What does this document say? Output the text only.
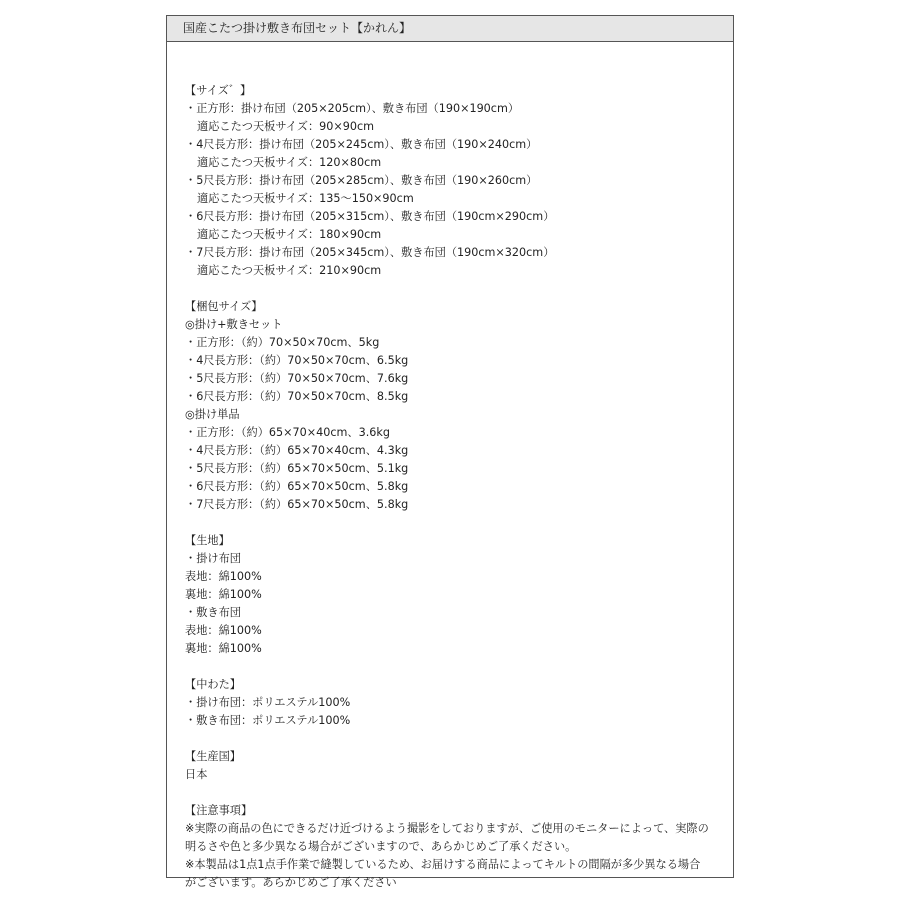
国産こたつ掛け敷き布団セット【かれん】
【サイズ゛】
・正方形：掛け布団（205×205cm）、敷き布団（190×190cm）
適応こたつ天板サイズ：90×90cm
・4尺長方形：掛け布団（205×245cm）、敷き布団（190×240cm）
適応こたつ天板サイズ：120×80cm
・5尺長方形：掛け布団（205×285cm）、敷き布団（190×260cm）
適応こたつ天板サイズ：135～150×90cm
・6尺長方形：掛け布団（205×315cm）、敷き布団（190cm×290cm）
適応こたつ天板サイズ：180×90cm
・7尺長方形：掛け布団（205×345cm）、敷き布団（190cm×320cm）
適応こたつ天板サイズ：210×90cm
【梱包サイズ】
◎掛け+敷きセット
・正方形：（約）70×50×70cm、5kg
・4尺長方形：（約）70×50×70cm、6.5kg
・5尺長方形：（約）70×50×70cm、7.6kg
・6尺長方形：（約）70×50×70cm、8.5kg
◎掛け単品
・正方形：（約）65×70×40cm、3.6kg
・4尺長方形：（約）65×70×40cm、4.3kg
・5尺長方形：（約）65×70×50cm、5.1kg
・6尺長方形：（約）65×70×50cm、5.8kg
・7尺長方形：（約）65×70×50cm、5.8kg
【生地】
・掛け布団
表地：綿100%
裏地：綿100%
・敷き布団
表地：綿100%
裏地：綿100%
【中わた】
・掛け布団：ポリエステル100%
・敷き布団：ポリエステル100%
【生産国】
日本
【注意事項】
※実際の商品の色にできるだけ近づけるよう撮影をしておりますが、ご使用のモニターによって、実際の
明るさや色と多少異なる場合がございますので、あらかじめご了承ください。
※本製品は1点1点手作業で縫製しているため、お届けする商品によってキルトの間隔が多少異なる場合
がございます。あらかじめご了承ください
